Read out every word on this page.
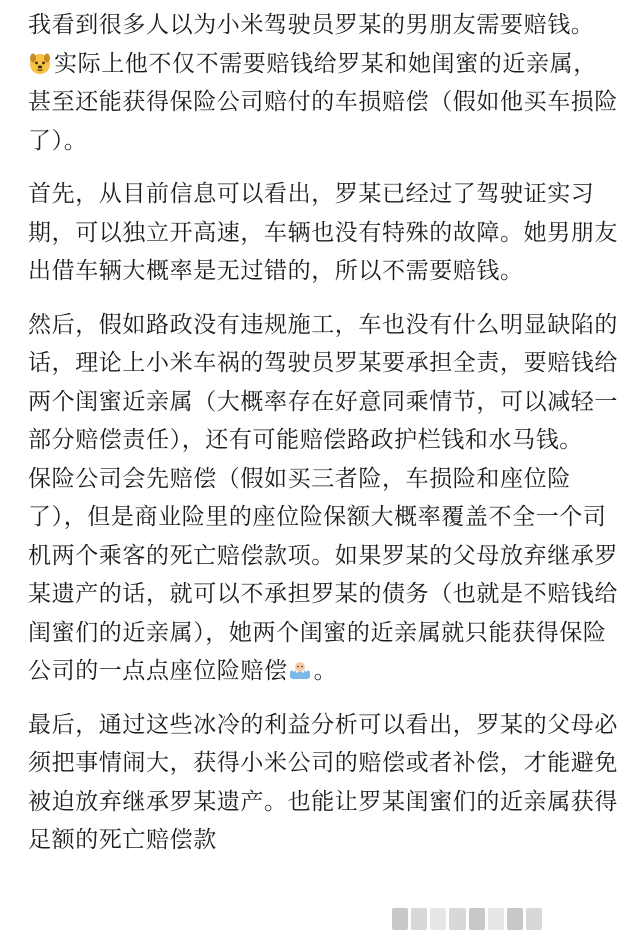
我看到很多人以为小米驾驶员罗某的男朋友需要赔钱。

实际上他不仅不需要赔钱给罗某和她闺蜜的近亲属，甚至还能获得保险公司赔付的车损赔偿（假如他买车损险了）。

首先，从目前信息可以看出，罗某已经过了驾驶证实习期，可以独立开高速，车辆也没有特殊的故障。她男朋友出借车辆大概率是无过错的，所以不需要赔钱。

然后，假如路政没有违规施工，车也没有什么明显缺陷的话，理论上小米车祸的驾驶员罗某要承担全责，要赔钱给两个闺蜜近亲属（大概率存在好意同乘情节，可以减轻一部分赔偿责任），还有可能赔偿路政护栏钱和水马钱。

保险公司会先赔偿（假如买三者险，车损险和座位险了），但是商业险里的座位险保额大概率覆盖不全一个司机两个乘客的死亡赔偿款项。如果罗某的父母放弃继承罗某遗产的话，就可以不承担罗某的债务（也就是不赔钱给闺蜜们的近亲属），她两个闺蜜的近亲属就只能获得保险公司的一点点座位险赔偿 。

最后，通过这些冰冷的利益分析可以看出，罗某的父母必须把事情闹大，获得小米公司的赔偿或者补偿，才能避免被迫放弃继承罗某遗产。也能让罗某闺蜜们的近亲属获得足额的死亡赔偿款
